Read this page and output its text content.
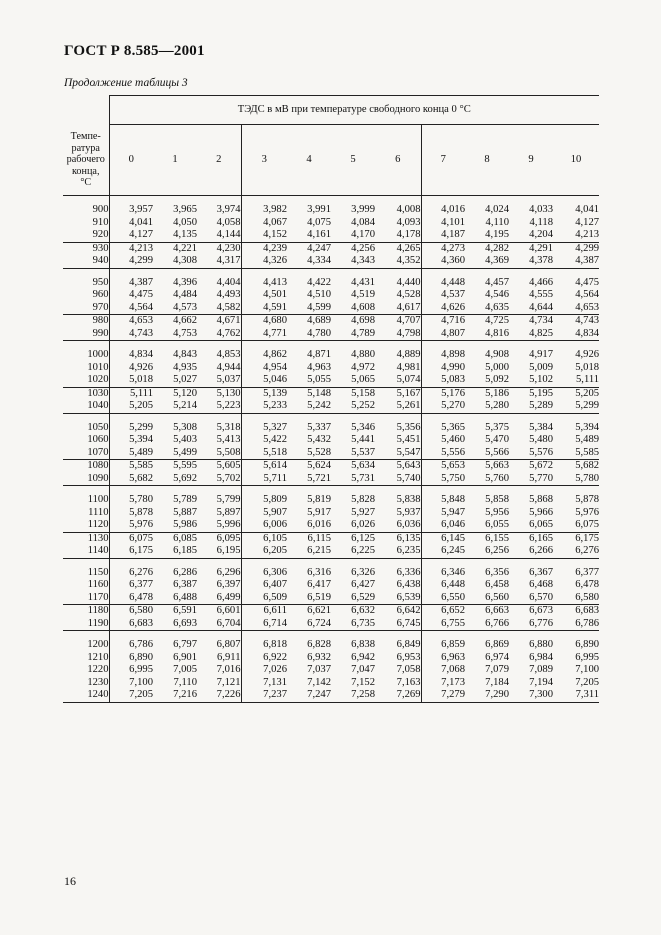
ГОСТ Р 8.585—2001
Продолжение таблицы 3
	ТЭДС в мВ при температуре свободного конца 0 °С										

Темпе-
ратура
рабочего
конца,
°С	0	1	2	3	4	5	6	7	8	9	10

900	3,957	3,965	3,974	3,982	3,991	3,999	4,008	4,016	4,024	4,033	4,041
910	4,041	4,050	4,058	4,067	4,075	4,084	4,093	4,101	4,110	4,118	4,127
920	4,127	4,135	4,144	4,152	4,161	4,170	4,178	4,187	4,195	4,204	4,213
930	4,213	4,221	4,230	4,239	4,247	4,256	4,265	4,273	4,282	4,291	4,299
940	4,299	4,308	4,317	4,326	4,334	4,343	4,352	4,360	4,369	4,378	4,387

950	4,387	4,396	4,404	4,413	4,422	4,431	4,440	4,448	4,457	4,466	4,475
960	4,475	4,484	4,493	4,501	4,510	4,519	4,528	4,537	4,546	4,555	4,564
970	4,564	4,573	4,582	4,591	4,599	4,608	4,617	4,626	4,635	4,644	4,653
980	4,653	4,662	4,671	4,680	4,689	4,698	4,707	4,716	4,725	4,734	4,743
990	4,743	4,753	4,762	4,771	4,780	4,789	4,798	4,807	4,816	4,825	4,834

1000	4,834	4,843	4,853	4,862	4,871	4,880	4,889	4,898	4,908	4,917	4,926
1010	4,926	4,935	4,944	4,954	4,963	4,972	4,981	4,990	5,000	5,009	5,018
1020	5,018	5,027	5,037	5,046	5,055	5,065	5,074	5,083	5,092	5,102	5,111
1030	5,111	5,120	5,130	5,139	5,148	5,158	5,167	5,176	5,186	5,195	5,205
1040	5,205	5,214	5,223	5,233	5,242	5,252	5,261	5,270	5,280	5,289	5,299

1050	5,299	5,308	5,318	5,327	5,337	5,346	5,356	5,365	5,375	5,384	5,394
1060	5,394	5,403	5,413	5,422	5,432	5,441	5,451	5,460	5,470	5,480	5,489
1070	5,489	5,499	5,508	5,518	5,528	5,537	5,547	5,556	5,566	5,576	5,585
1080	5,585	5,595	5,605	5,614	5,624	5,634	5,643	5,653	5,663	5,672	5,682
1090	5,682	5,692	5,702	5,711	5,721	5,731	5,740	5,750	5,760	5,770	5,780

1100	5,780	5,789	5,799	5,809	5,819	5,828	5,838	5,848	5,858	5,868	5,878
1110	5,878	5,887	5,897	5,907	5,917	5,927	5,937	5,947	5,956	5,966	5,976
1120	5,976	5,986	5,996	6,006	6,016	6,026	6,036	6,046	6,055	6,065	6,075
1130	6,075	6,085	6,095	6,105	6,115	6,125	6,135	6,145	6,155	6,165	6,175
1140	6,175	6,185	6,195	6,205	6,215	6,225	6,235	6,245	6,256	6,266	6,276

1150	6,276	6,286	6,296	6,306	6,316	6,326	6,336	6,346	6,356	6,367	6,377
1160	6,377	6,387	6,397	6,407	6,417	6,427	6,438	6,448	6,458	6,468	6,478
1170	6,478	6,488	6,499	6,509	6,519	6,529	6,539	6,550	6,560	6,570	6,580
1180	6,580	6,591	6,601	6,611	6,621	6,632	6,642	6,652	6,663	6,673	6,683
1190	6,683	6,693	6,704	6,714	6,724	6,735	6,745	6,755	6,766	6,776	6,786

1200	6,786	6,797	6,807	6,818	6,828	6,838	6,849	6,859	6,869	6,880	6,890
1210	6,890	6,901	6,911	6,922	6,932	6,942	6,953	6,963	6,974	6,984	6,995
1220	6,995	7,005	7,016	7,026	7,037	7,047	7,058	7,068	7,079	7,089	7,100
1230	7,100	7,110	7,121	7,131	7,142	7,152	7,163	7,173	7,184	7,194	7,205
1240	7,205	7,216	7,226	7,237	7,247	7,258	7,269	7,279	7,290	7,300	7,311
16
